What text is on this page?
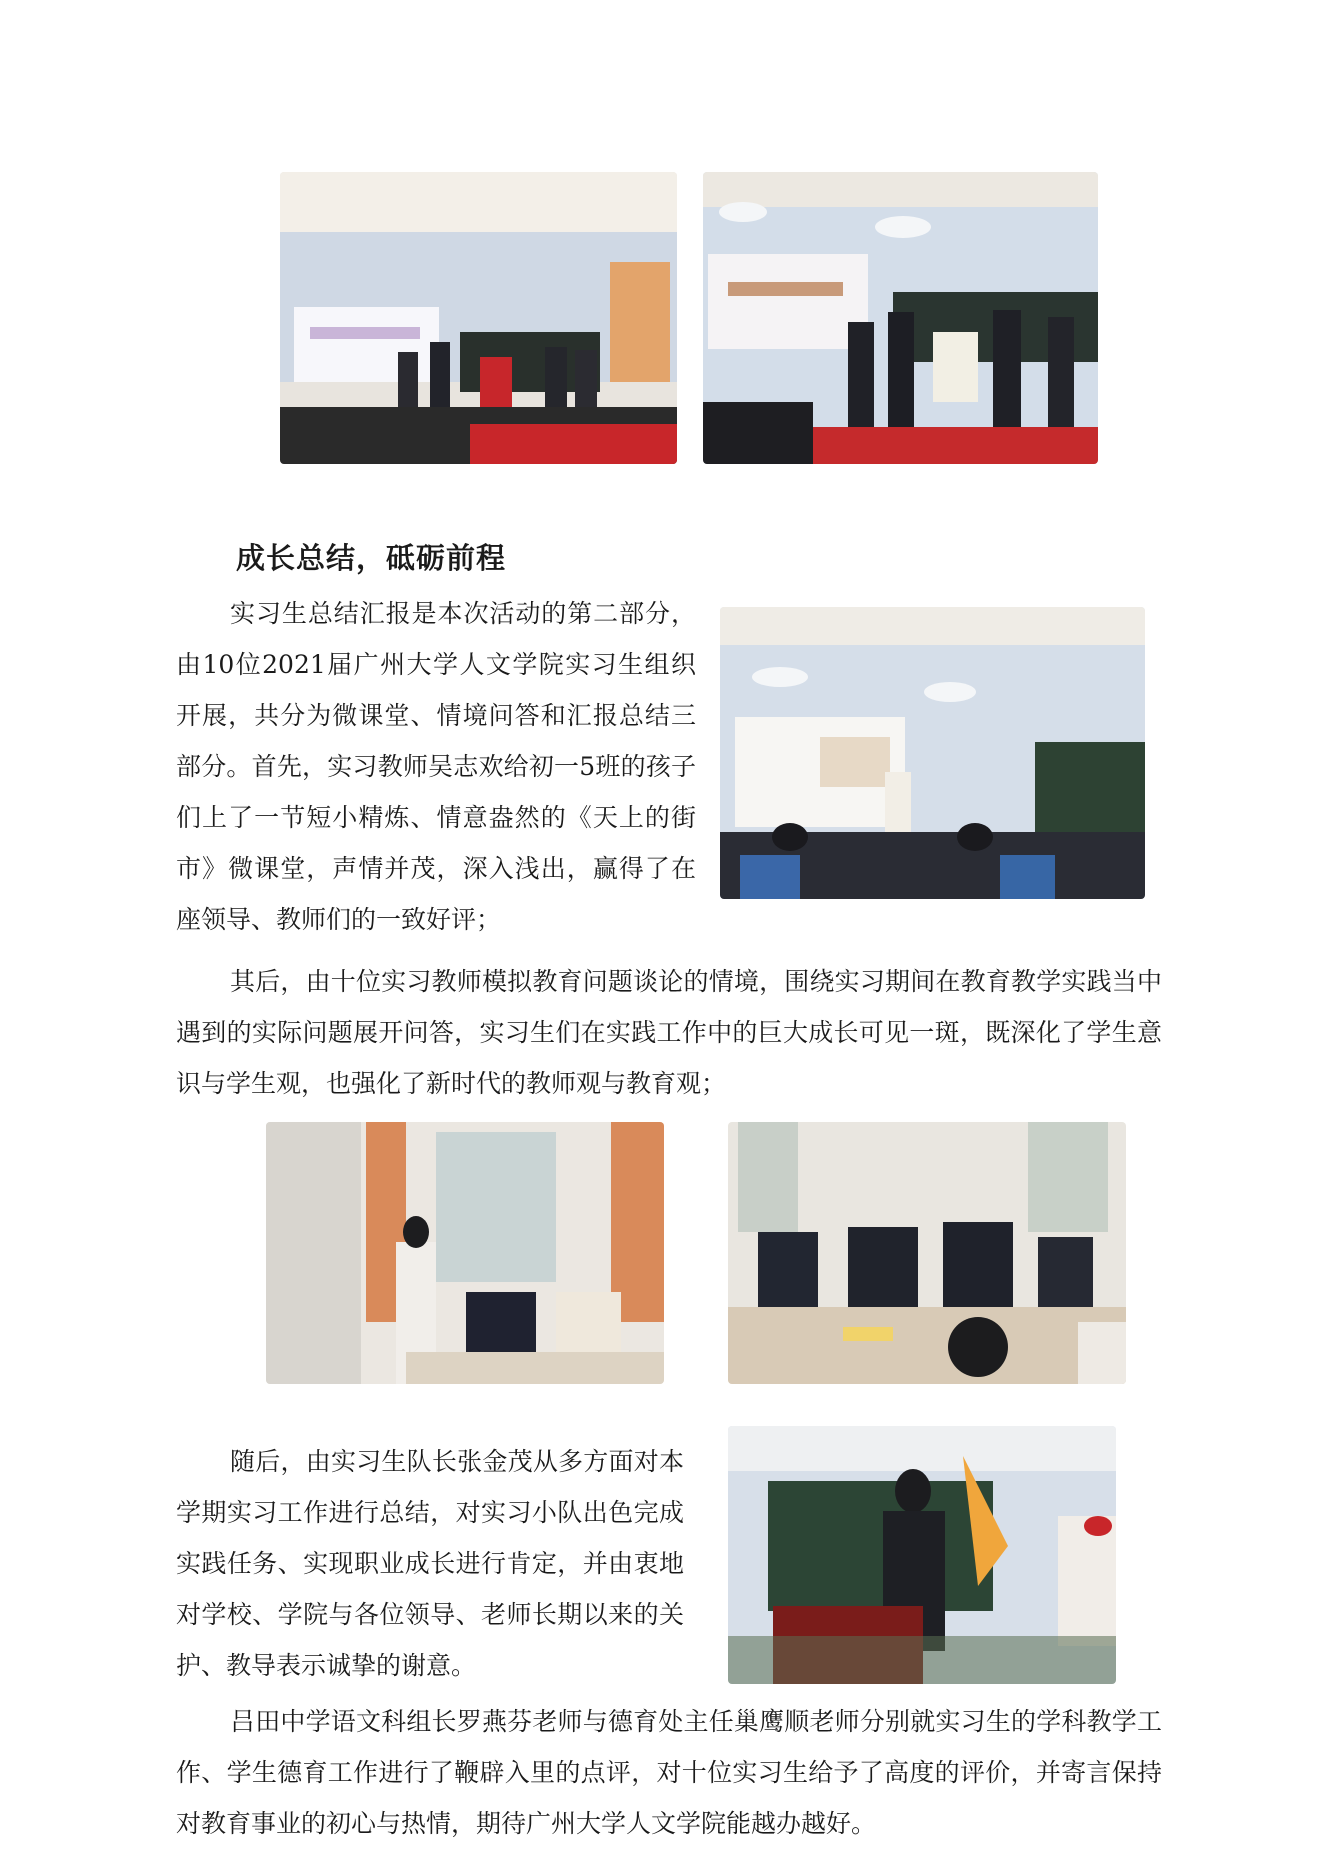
成长总结，砥砺前程

实习生总结汇报是本次活动的第二部分，由10位2021届广州大学人文学院实习生组织开展，共分为微课堂、情境问答和汇报总结三部分。首先，实习教师吴志欢给初一5班的孩子们上了一节短小精炼、情意盎然的《天上的街市》微课堂，声情并茂，深入浅出，赢得了在座领导、教师们的一致好评；

其后，由十位实习教师模拟教育问题谈论的情境，围绕实习期间在教育教学实践当中遇到的实际问题展开问答，实习生们在实践工作中的巨大成长可见一斑，既深化了学生意识与学生观，也强化了新时代的教师观与教育观；

随后，由实习生队长张金茂从多方面对本学期实习工作进行总结，对实习小队出色完成实践任务、实现职业成长进行肯定，并由衷地对学校、学院与各位领导、老师长期以来的关护、教导表示诚挚的谢意。

吕田中学语文科组长罗燕芬老师与德育处主任巢鹰顺老师分别就实习生的学科教学工作、学生德育工作进行了鞭辟入里的点评，对十位实习生给予了高度的评价，并寄言保持对教育事业的初心与热情，期待广州大学人文学院能越办越好。
